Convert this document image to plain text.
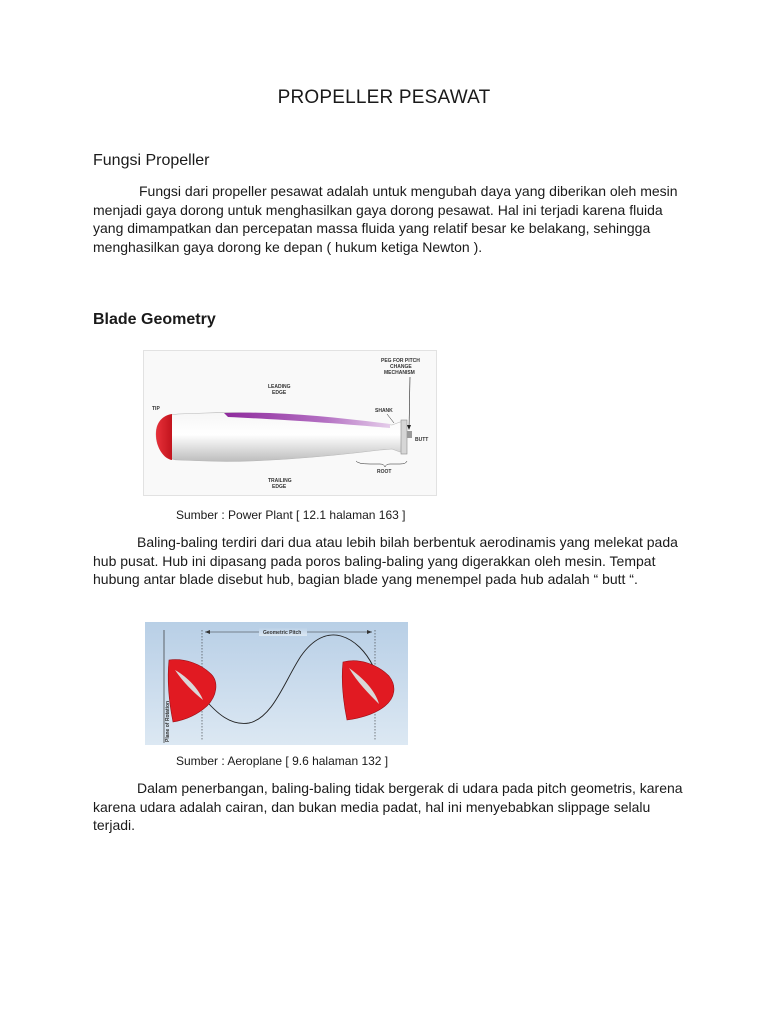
PROPELLER PESAWAT
Fungsi Propeller

Fungsi dari propeller pesawat adalah untuk mengubah daya yang diberikan oleh mesin menjadi gaya dorong untuk menghasilkan gaya dorong pesawat. Hal ini terjadi karena fluida yang dimampatkan dan percepatan massa fluida yang relatif besar ke belakang, sehingga menghasilkan gaya dorong ke depan ( hukum ketiga Newton ).

Blade Geometry
TIP
LEADING
EDGE
TRAILING
EDGE
PEG FOR PITCH
CHANGE
MECHANISM
SHANK
BUTT
ROOT

Sumber : Power Plant [ 12.1 halaman 163 ]

Baling-baling terdiri dari dua atau lebih bilah berbentuk aerodinamis yang melekat pada hub pusat. Hub ini dipasang pada poros baling-baling yang digerakkan oleh mesin. Tempat hubung antar blade disebut hub, bagian blade yang menempel pada hub adalah “ butt “.

Plane of Rotation
Geometric Pitch

Sumber : Aeroplane [ 9.6 halaman 132 ]

Dalam penerbangan, baling-baling tidak bergerak di udara pada pitch geometris, karena karena udara adalah cairan, dan bukan media padat, hal ini menyebabkan slippage selalu terjadi.
